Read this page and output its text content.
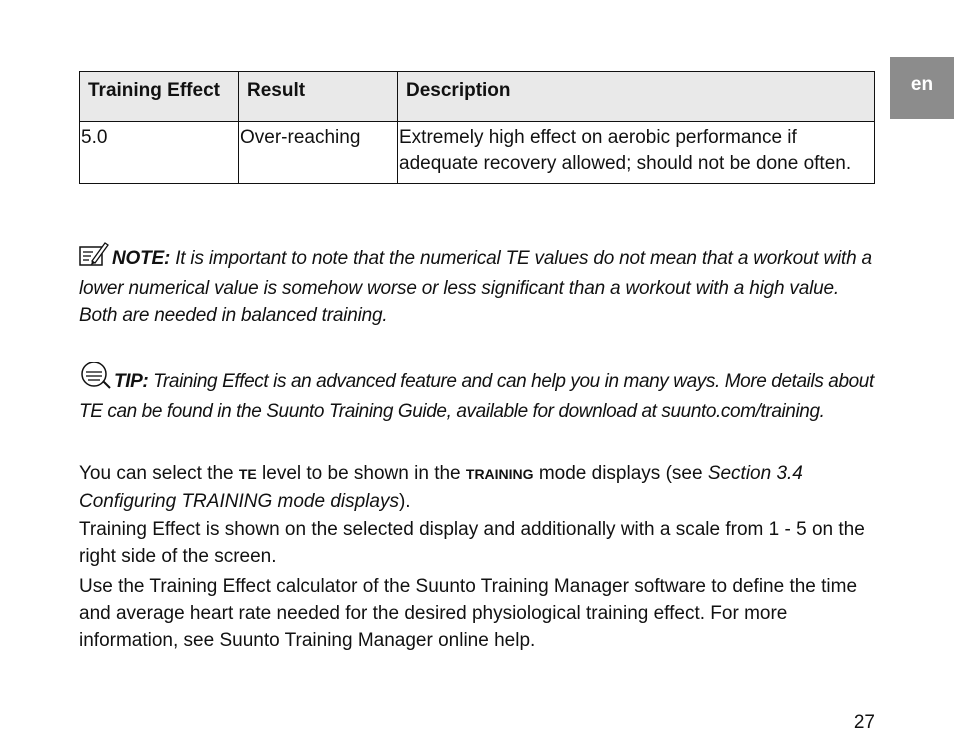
en
Training Effect	Result	Description
5.0	Over-reaching	Extremely high effect on aerobic performance if adequate recovery allowed; should not be done often.

NOTE: It is important to note that the numerical TE values do not mean that a workout with a lower numerical value is somehow worse or less significant than a workout with a high value. Both are needed in balanced training.

TIP: Training Effect is an advanced feature and can help you in many ways. More details about TE can be found in the Suunto Training Guide, available for download at suunto.com/training.

You can select the TE level to be shown in the TRAINING mode displays (see Section 3.4 Configuring TRAINING mode displays).

Training Effect is shown on the selected display and additionally with a scale from 1 - 5 on the right side of the screen.

Use the Training Effect calculator of the Suunto Training Manager software to define the time and average heart rate needed for the desired physiological training effect. For more information, see Suunto Training Manager online help.

27
